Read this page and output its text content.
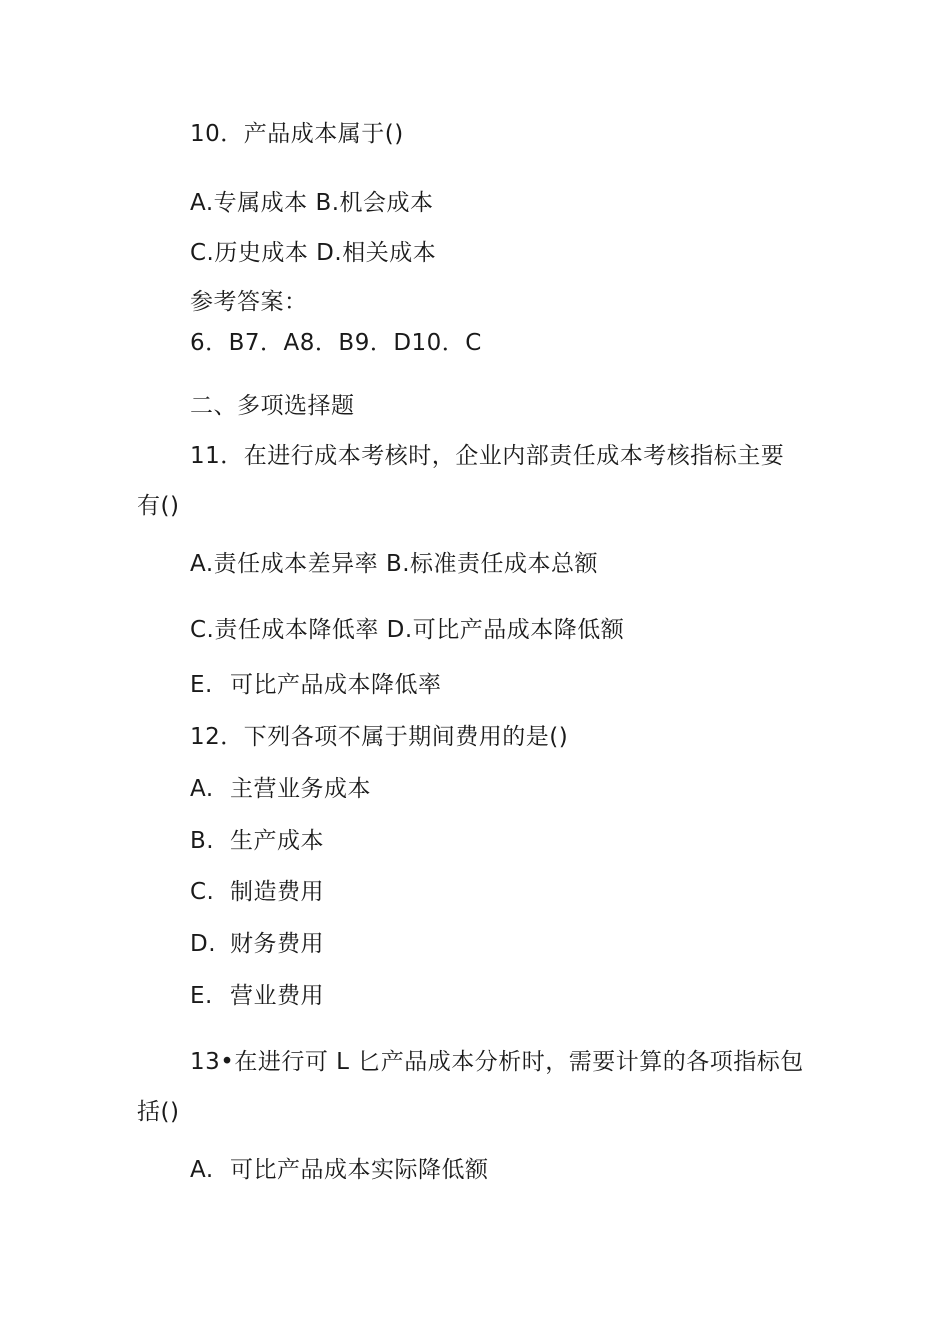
10．产品成本属于()
A.专属成本 B.机会成本
C.历史成本 D.相关成本
参考答案：
6．B7．A8．B9．D10．C
二、多项选择题
11．在进行成本考核时，企业内部责任成本考核指标主要
有()
A.责任成本差异率 B.标准责任成本总额
C.责任成本降低率 D.可比产品成本降低额
E. 可比产品成本降低率
12．下列各项不属于期间费用的是()
A. 主营业务成本
B. 生产成本
C. 制造费用
D. 财务费用
E. 营业费用
13•在进行可 L 匕产品成本分析时，需要计算的各项指标包
括()
A. 可比产品成本实际降低额
